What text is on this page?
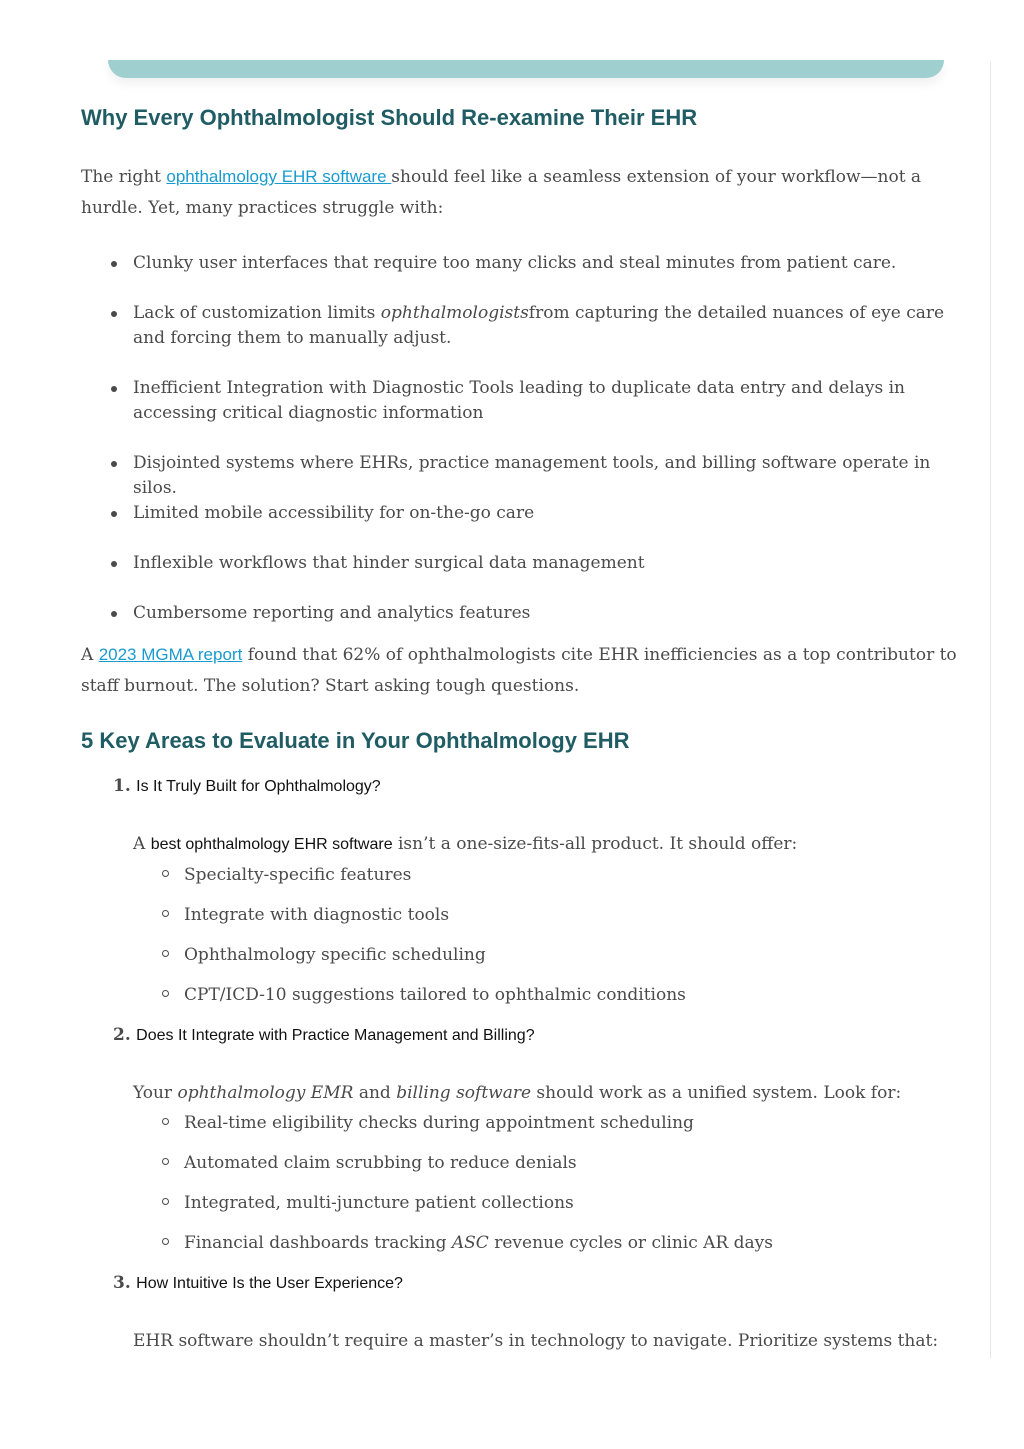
Why Every Ophthalmologist Should Re-examine Their EHR

The right ophthalmology EHR software should feel like a seamless extension of your workflow—not a hurdle. Yet, many practices struggle with:

Clunky user interfaces that require too many clicks and steal minutes from patient care.
Lack of customization limits ophthalmologistsfrom capturing the detailed nuances of eye care and forcing them to manually adjust.
Inefficient Integration with Diagnostic Tools leading to duplicate data entry and delays in accessing critical diagnostic information
Disjointed systems where EHRs, practice management tools, and billing software operate in silos.
Limited mobile accessibility for on-the-go care
Inflexible workflows that hinder surgical data management
Cumbersome reporting and analytics features

A 2023 MGMA report found that 62% of ophthalmologists cite EHR inefficiencies as a top contributor to staff burnout. The solution? Start asking tough questions.

5 Key Areas to Evaluate in Your Ophthalmology EHR
1. Is It Truly Built for Ophthalmology?
A best ophthalmology EHR software isn’t a one-size-fits-all product. It should offer:
Specialty-specific features
Integrate with diagnostic tools
Ophthalmology specific scheduling
CPT/ICD-10 suggestions tailored to ophthalmic conditions
2. Does It Integrate with Practice Management and Billing?
Your ophthalmology EMR and billing software should work as a unified system. Look for:
Real-time eligibility checks during appointment scheduling
Automated claim scrubbing to reduce denials
Integrated, multi-juncture patient collections
Financial dashboards tracking ASC revenue cycles or clinic AR days
3. How Intuitive Is the User Experience?
EHR software shouldn’t require a master’s in technology to navigate. Prioritize systems that:
